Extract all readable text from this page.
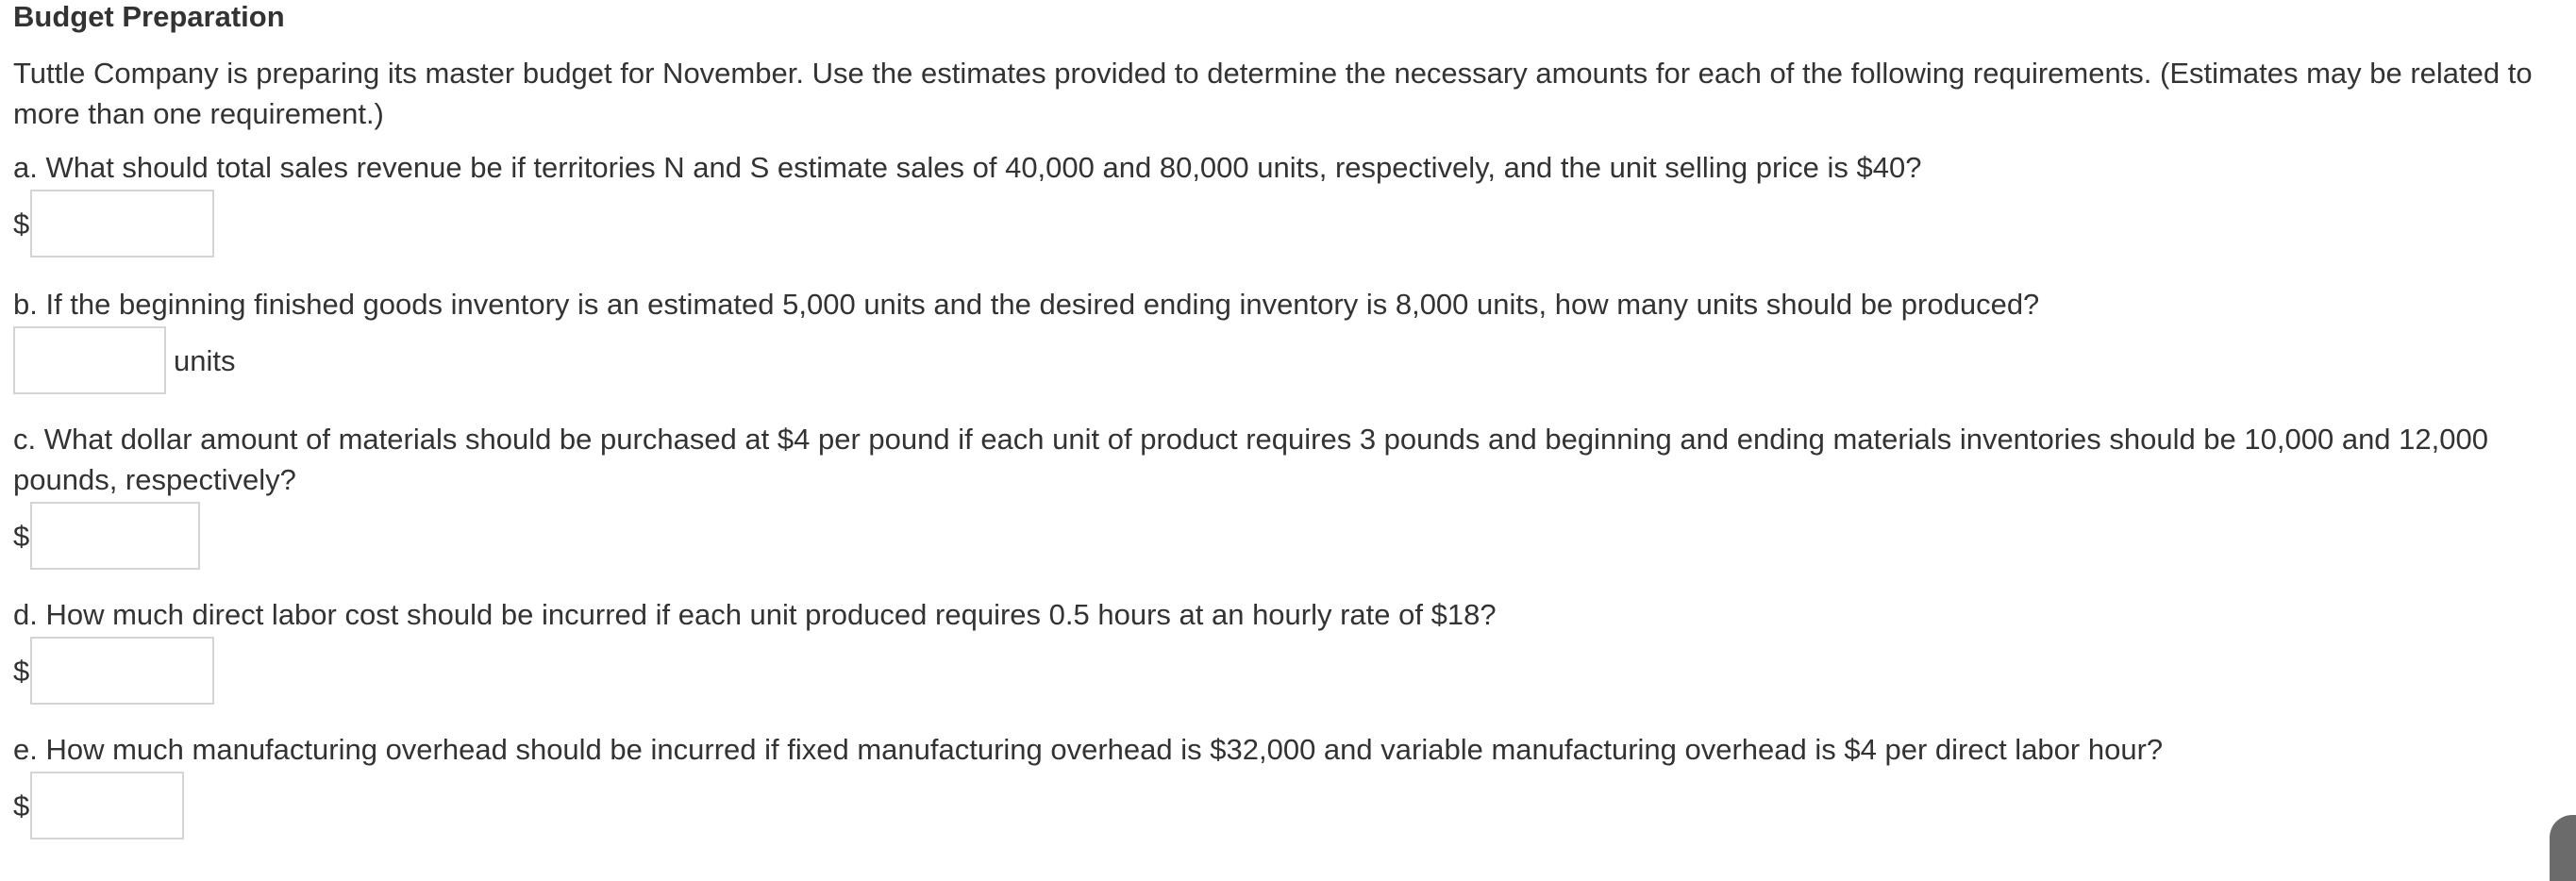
Budget Preparation

Tuttle Company is preparing its master budget for November. Use the estimates provided to determine the necessary amounts for each of the following requirements. (Estimates may be related to more than one requirement.)

a. What should total sales revenue be if territories N and S estimate sales of 40,000 and 80,000 units, respectively, and the unit selling price is $40?

$

b. If the beginning finished goods inventory is an estimated 5,000 units and the desired ending inventory is 8,000 units, how many units should be produced?

units

c. What dollar amount of materials should be purchased at $4 per pound if each unit of product requires 3 pounds and beginning and ending materials inventories should be 10,000 and 12,000 pounds, respectively?

$

d. How much direct labor cost should be incurred if each unit produced requires 0.5 hours at an hourly rate of $18?

$

e. How much manufacturing overhead should be incurred if fixed manufacturing overhead is $32,000 and variable manufacturing overhead is $4 per direct labor hour?

$
